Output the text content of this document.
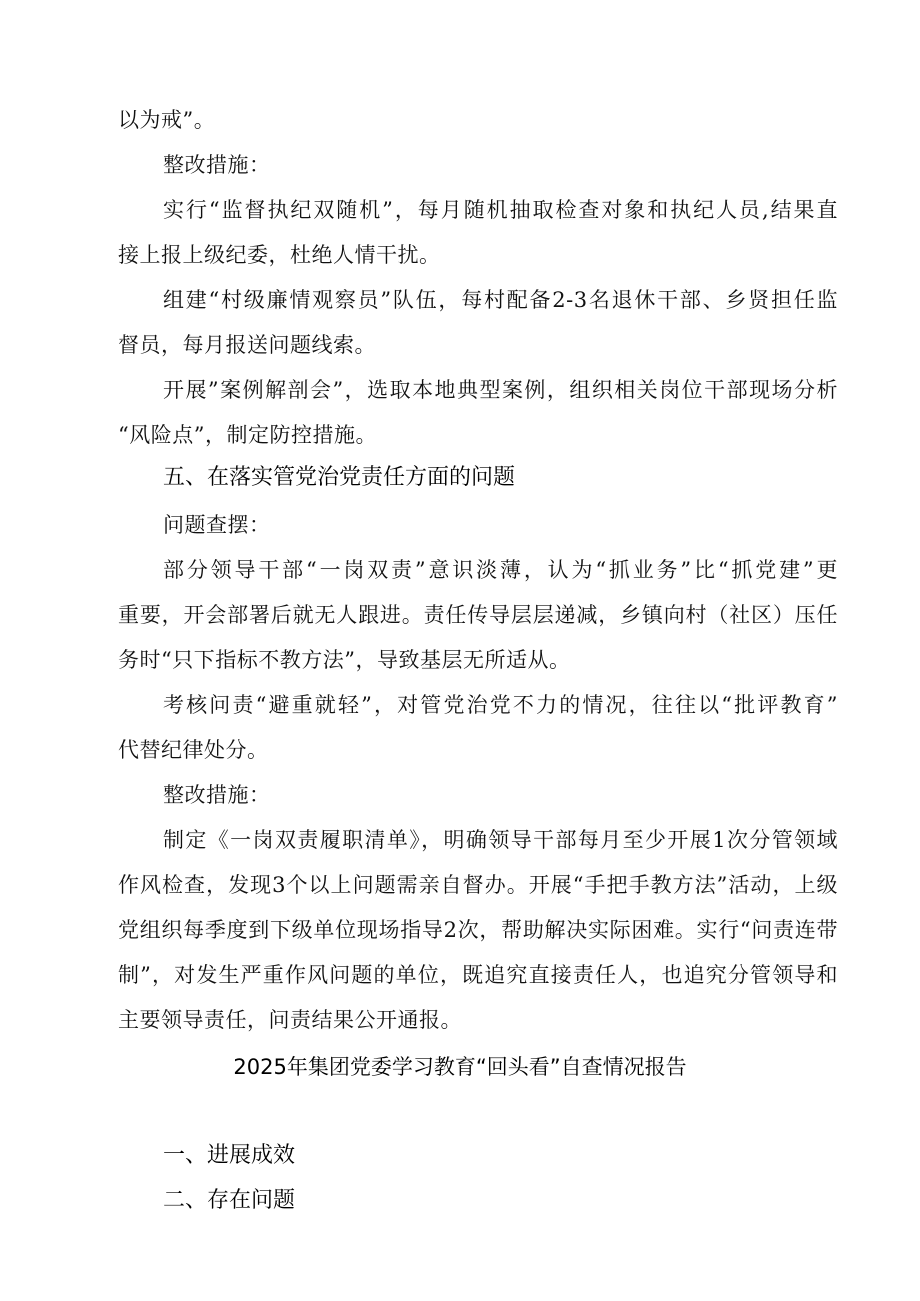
以为戒”。
整改措施：
实行“监督执纪双随机”，每月随机抽取检查对象和执纪人员,结果直
接上报上级纪委，杜绝人情干扰。
组建“村级廉情观察员”队伍，每村配备2-3名退休干部、乡贤担任监
督员，每月报送问题线索。
开展”案例解剖会”，选取本地典型案例，组织相关岗位干部现场分析
“风险点”，制定防控措施。
五、在落实管党治党责任方面的问题
问题查摆：
部分领导干部“一岗双责”意识淡薄，认为“抓业务”比“抓党建”更
重要，开会部署后就无人跟进。责任传导层层递减，乡镇向村（社区）压任
务时“只下指标不教方法”，导致基层无所适从。
考核问责“避重就轻”，对管党治党不力的情况，往往以“批评教育”
代替纪律处分。
整改措施：
制定《一岗双责履职清单》，明确领导干部每月至少开展1次分管领域
作风检查，发现3个以上问题需亲自督办。开展“手把手教方法”活动，上级
党组织每季度到下级单位现场指导2次，帮助解决实际困难。实行“问责连带
制”，对发生严重作风问题的单位，既追究直接责任人，也追究分管领导和
主要领导责任，问责结果公开通报。
2025年集团党委学习教育“回头看”自查情况报告
一、进展成效
二、存在问题
